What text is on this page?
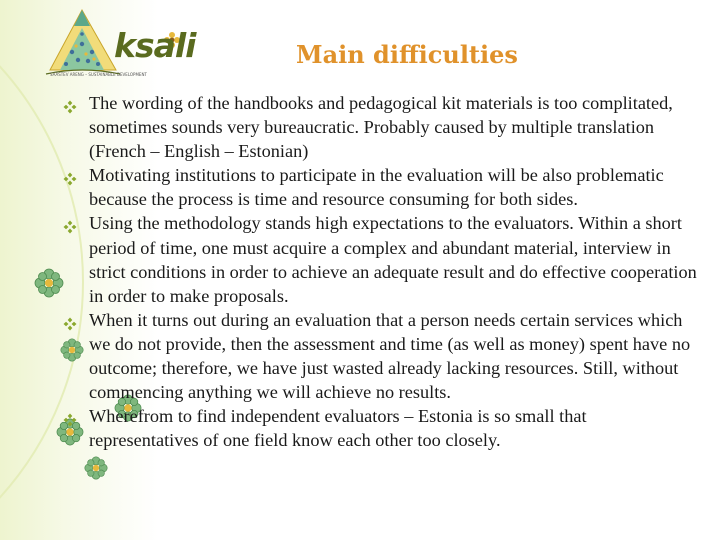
ksali
SÄÄSTEV ARENG – SUSTAINABLE DEVELOPMENT
Main difficulties
The wording of the handbooks and pedagogical kit materials is too complitated, sometimes sounds very bureaucratic. Probably caused by multiple translation (French – English – Estonian)
Motivating institutions to participate in the evaluation will be also problematic because the process is time and resource consuming for both sides.
Using the methodology stands high expectations to the evaluators. Within a short period of time, one must acquire a complex and abundant material, interview in strict conditions in order to achieve an adequate result and do effective cooperation in order to make proposals.
When it turns out during an evaluation that a person needs certain services which we do not provide, then the assessment and time (as well as money) spent have no outcome; therefore, we have just wasted already lacking resources. Still, without commencing anything we will achieve no results.
Wherefrom to find independent evaluators – Estonia is so small that representatives of one field know each other too closely.
